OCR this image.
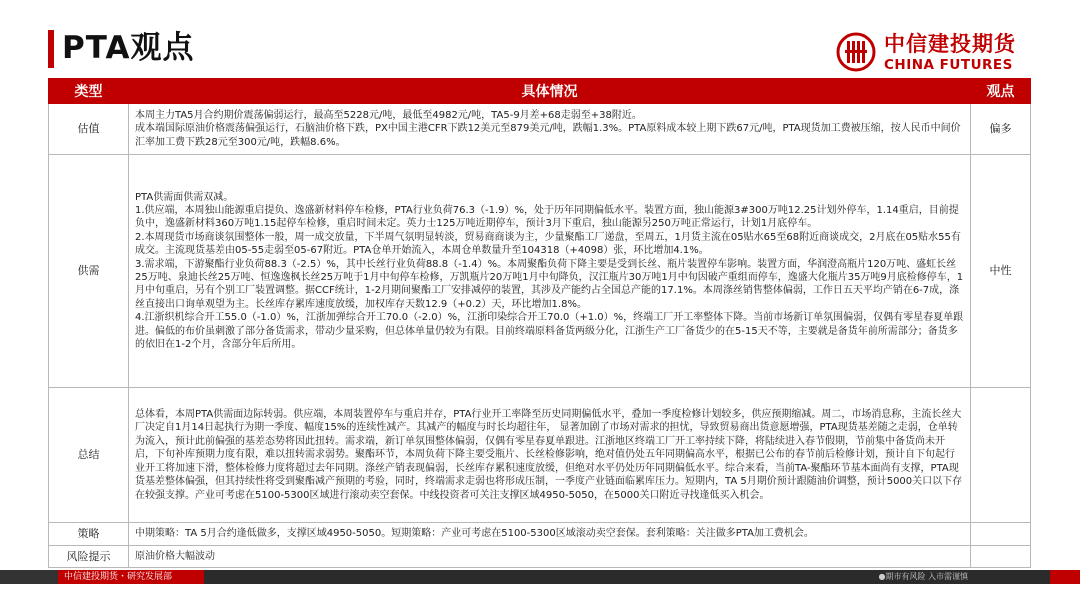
PTA观点	中信建投期货
CHINA FUTURES
类型	具体情况	观点
估值	本周主力TA5月合约期价震荡偏弱运行，最高至5228元/吨，最低至4982元/吨，TA5-9月差+68走弱至+38附近。
成本端国际原油价格震荡偏强运行，石脑油价格下跌，PX中国主港CFR下跌12美元至879美元/吨，跌幅1.3%。PTA原料成本较上期下跌67元/吨，PTA现货加工费被压缩，按人民币中间价汇率加工费下跌28元至300元/吨，跌幅8.6%。	偏多
供需	PTA供需面供需双减。
1.供应端，本周独山能源重启提负、逸盛新材料停车检修，PTA行业负荷76.3（-1.9）%，处于历年同期偏低水平。装置方面，独山能源3#300万吨12.25计划外停车，1.14重启，目前提负中，逸盛新材料360万吨1.15起停车检修，重启时间未定。英力士125万吨近期停车，预计3月下重启，独山能源另250万吨正常运行，计划1月底停车。
2.本周现货市场商谈氛围整体一般，周一成交放量，下半周气氛明显转淡，贸易商商谈为主，少量聚酯工厂递盘，至周五，1月货主流在05贴水65至68附近商谈成交，2月底在05贴水55有成交。主流现货基差由05-55走弱至05-67附近。PTA仓单开始流入，本周仓单数量升至104318（+4098）张，环比增加4.1%。
3.需求端，下游聚酯行业负荷88.3（-2.5）%，其中长丝行业负荷88.8（-1.4）%。本周聚酯负荷下降主要是受到长丝、瓶片装置停车影响。装置方面，华润澄高瓶片120万吨、盛虹长丝25万吨、泉迪长丝25万吨、恒逸逸枫长丝25万吨于1月中旬停车检修，万凯瓶片20万吨1月中旬降负，汉江瓶片30万吨1月中旬因破产重组而停车，逸盛大化瓶片35万吨9月底检修停车，1月中旬重启，另有个别工厂装置调整。据CCF统计，1-2月期间聚酯工厂安排减停的装置，其涉及产能约占全国总产能的17.1%。本周涤丝销售整体偏弱，工作日五天平均产销在6-7成，涤丝直接出口询单观望为主。长丝库存累库速度放缓，加权库存天数12.9（+0.2）天，环比增加1.8%。
4.江浙织机综合开工55.0（-1.0）%，江浙加弹综合开工70.0（-2.0）%，江浙印染综合开工70.0（+1.0）%，终端工厂开工率整体下降。当前市场新订单氛围偏弱，仅偶有零星春夏单跟进。偏低的布价虽刺激了部分备货需求，带动少量采购，但总体单量仍较为有限。目前终端原料备货两级分化，江浙生产工厂备货少的在5-15天不等，主要就是备货年前所需部分；备货多的依旧在1-2个月，含部分年后所用。	中性
总结	总体看，本周PTA供需面边际转弱。供应端，本周装置停车与重启并存，PTA行业开工率降至历史同期偏低水平，叠加一季度检修计划较多，供应预期缩减。周二，市场消息称，主流长丝大厂决定自1月14日起执行为期一季度、幅度15%的连续性减产。其减产的幅度与时长均超往年， 显著加剧了市场对需求的担忧，导致贸易商出货意愿增强，PTA现货基差随之走弱，仓单转为流入，预计此前偏强的基差态势将因此扭转。需求端，新订单氛围整体偏弱，仅偶有零星春夏单跟进。江浙地区终端工厂开工率持续下降，将陆续进入春节假期，节前集中备货尚未开启，下旬补库预期力度有限，难以扭转需求弱势。聚酯环节，本周负荷下降主要受瓶片、长丝检修影响，绝对值仍处五年同期偏高水平，根据已公布的春节前后检修计划，预计自下旬起行业开工将加速下滑，整体检修力度将超过去年同期。涤丝产销表现偏弱，长丝库存累积速度放缓，但绝对水平仍处历年同期偏低水平。综合来看，当前TA-聚酯环节基本面尚有支撑，PTA现货基差整体偏强，但其持续性将受到聚酯减产预期的考验，同时，终端需求走弱也将形成压制，一季度产业链面临累库压力。短期内，TA 5月期价预计跟随油价调整，预计5000关口以下存在较强支撑。产业可考虑在5100-5300区域进行滚动卖空套保。中线投资者可关注支撑区域4950-5050，在5000关口附近寻找逢低买入机会。	

策略	中期策略：TA 5月合约逢低做多，支撑区域4950-5050。短期策略：产业可考虑在5100-5300区域滚动卖空套保。套利策略：关注做多PTA加工费机会。	

风险提示	原油价格大幅波动	

中信建投期货・研究发展部	●期市有风险 入市需谨慎
